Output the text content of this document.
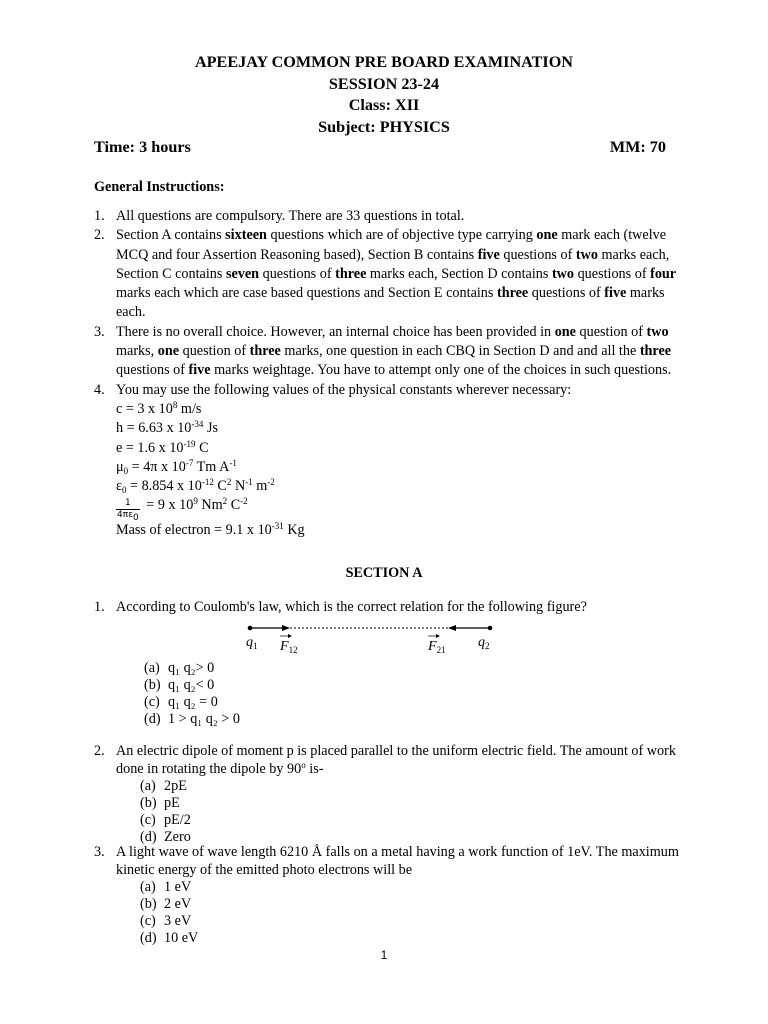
APEEJAY COMMON PRE BOARD EXAMINATION
SESSION 23-24
Class: XII
Subject: PHYSICS
Time: 3 hours	MM: 70
General Instructions:
1. All questions are compulsory. There are 33 questions in total.
2. Section A contains sixteen questions which are of objective type carrying one mark each (twelve MCQ and four Assertion Reasoning based), Section B contains five questions of two marks each, Section C contains seven questions of three marks each, Section D contains two questions of four marks each which are case based questions and Section E contains three questions of five marks each.
3. There is no overall choice. However, an internal choice has been provided in one question of two marks, one question of three marks, one question in each CBQ in Section D and and all the three questions of five marks weightage. You have to attempt only one of the choices in such questions.
4. You may use the following values of the physical constants wherever necessary:
c = 3 x $10^8$ m/s
h = 6.63 x $10^{-34}$ Js
e = 1.6 x $10^{-19}$ C
$\mu_0 = 4\pi$ x $10^{-7}$ Tm $A^{-1}$
$\varepsilon_0 = 8.854$ x $10^{-12}$ $C^2$ $N^{-1}$ $m^{-2}$
$\frac{1}{4\pi\varepsilon_0} = 9$ x $10^9$ Nm$^2$ $C^{-2}$
Mass of electron = 9.1 x $10^{-31}$ Kg
SECTION A
1. According to Coulomb's law, which is the correct relation for the following figure?
$q_1$ $F_{12}$	$F_{21}$ $q_2$
(a) q₁ q₂> 0
(b) q₁ q₂< 0
(c) q₁ q₂ = 0
(d) 1 > q₁ q₂ > 0
2. An electric dipole of moment p is placed parallel to the uniform electric field. The amount of work done in rotating the dipole by 90$^o$ is-
(a) 2pE
(b) pE
(c) pE/2
(d) Zero
3. A light wave of wave length 6210 Å falls on a metal having a work function of 1eV. The maximum kinetic energy of the emitted photo electrons will be
(a) 1 eV
(b) 2 eV
(c) 3 eV
(d) 10 eV
1
